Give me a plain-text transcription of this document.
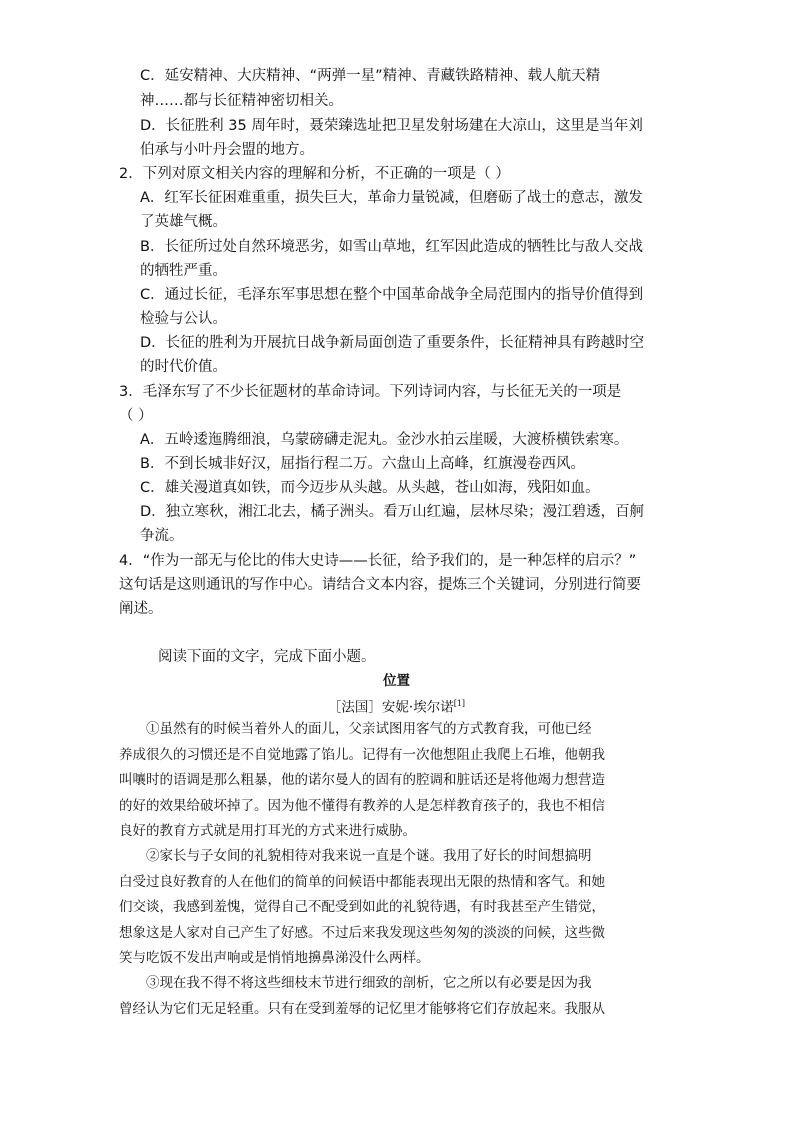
C．延安精神、大庆精神、“两弹一星”精神、青藏铁路精神、载人航天精
神……都与长征精神密切相关。
D．长征胜利 35 周年时，聂荣臻选址把卫星发射场建在大凉山，这里是当年刘
伯承与小叶丹会盟的地方。
2．下列对原文相关内容的理解和分析，不正确的一项是（ ）
A．红军长征困难重重，损失巨大，革命力量锐减，但磨砺了战士的意志，激发
了英雄气概。
B．长征所过处自然环境恶劣，如雪山草地，红军因此造成的牺牲比与敌人交战
的牺牲严重。
C．通过长征，毛泽东军事思想在整个中国革命战争全局范围内的指导价值得到
检验与公认。
D．长征的胜利为开展抗日战争新局面创造了重要条件，长征精神具有跨越时空
的时代价值。
3．毛泽东写了不少长征题材的革命诗词。下列诗词内容，与长征无关的一项是
（ ）
A．五岭逶迤腾细浪，乌蒙磅礴走泥丸。金沙水拍云崖暖，大渡桥横铁索寒。
B．不到长城非好汉，屈指行程二万。六盘山上高峰，红旗漫卷西风。
C．雄关漫道真如铁，而今迈步从头越。从头越，苍山如海，残阳如血。
D．独立寒秋，湘江北去，橘子洲头。看万山红遍，层林尽染；漫江碧透，百舸
争流。
4．“作为一部无与伦比的伟大史诗——长征，给予我们的，是一种怎样的启示？”
这句话是这则通讯的写作中心。请结合文本内容，提炼三个关键词，分别进行简要
阐述。
阅读下面的文字，完成下面小题。
位置
［法国］安妮·埃尔诺[1]
①虽然有的时候当着外人的面儿，父亲试图用客气的方式教育我，可他已经
养成很久的习惯还是不自觉地露了馅儿。记得有一次他想阻止我爬上石堆，他朝我
叫嚷时的语调是那么粗暴，他的诺尔曼人的固有的腔调和脏话还是将他竭力想营造
的好的效果给破坏掉了。因为他不懂得有教养的人是怎样教育孩子的，我也不相信
良好的教育方式就是用打耳光的方式来进行威胁。
②家长与子女间的礼貌相待对我来说一直是个谜。我用了好长的时间想搞明
白受过良好教育的人在他们的简单的问候语中都能表现出无限的热情和客气。和她
们交谈，我感到羞愧，觉得自己不配受到如此的礼貌待遇，有时我甚至产生错觉，
想象这是人家对自己产生了好感。不过后来我发现这些匆匆的淡淡的问候，这些微
笑与吃饭不发出声响或是悄悄地擤鼻涕没什么两样。
③现在我不得不将这些细枝末节进行细致的剖析，它之所以有必要是因为我
曾经认为它们无足轻重。只有在受到羞辱的记忆里才能够将它们存放起来。我服从
